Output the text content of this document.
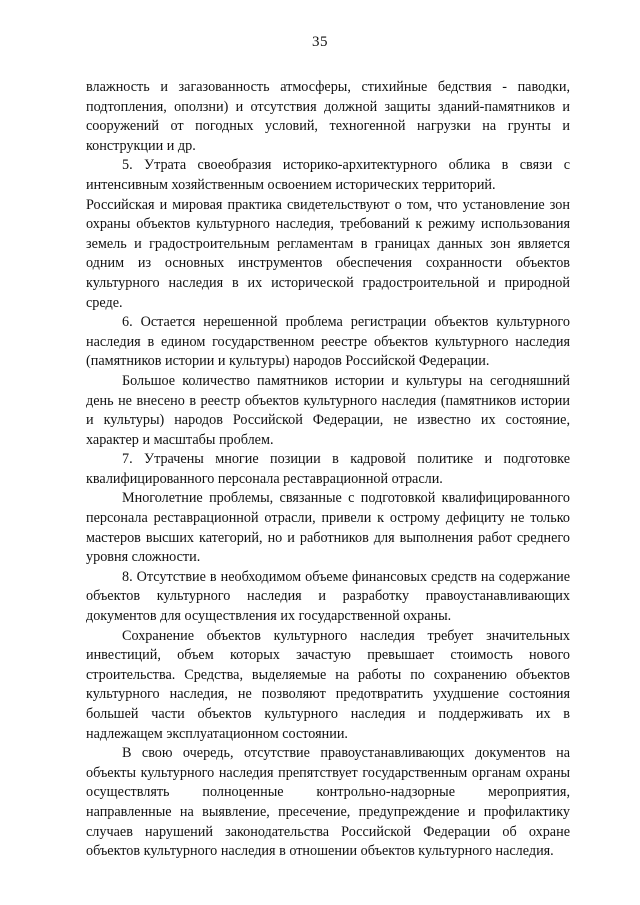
35

влажность и загазованность атмосферы, стихийные бедствия - паводки, подтопления, оползни) и отсутствия должной защиты зданий-памятников и сооружений от погодных условий, техногенной нагрузки на грунты и конструкции и др.

5. Утрата своеобразия историко-архитектурного облика в связи с интенсивным хозяйственным освоением исторических территорий.

Российская и мировая практика свидетельствуют о том, что установление зон охраны объектов культурного наследия, требований к режиму использования земель и градостроительным регламентам в границах данных зон является одним из основных инструментов обеспечения сохранности объектов культурного наследия в их исторической градостроительной и природной среде.

6. Остается нерешенной проблема регистрации объектов культурного наследия в едином государственном реестре объектов культурного наследия (памятников истории и культуры) народов Российской Федерации.

Большое количество памятников истории и культуры на сегодняшний день не внесено в реестр объектов культурного наследия (памятников истории и культуры) народов Российской Федерации, не известно их состояние, характер и масштабы проблем.

7. Утрачены многие позиции в кадровой политике и подготовке квалифицированного персонала реставрационной отрасли.

Многолетние проблемы, связанные с подготовкой квалифицированного персонала реставрационной отрасли, привели к острому дефициту не только мастеров высших категорий, но и работников для выполнения работ среднего уровня сложности.

8. Отсутствие в необходимом объеме финансовых средств на содержание объектов культурного наследия и разработку правоустанавливающих документов для осуществления их государственной охраны.

Сохранение объектов культурного наследия требует значительных инвестиций, объем которых зачастую превышает стоимость нового строительства. Средства, выделяемые на работы по сохранению объектов культурного наследия, не позволяют предотвратить ухудшение состояния большей части объектов культурного наследия и поддерживать их в надлежащем эксплуатационном состоянии.

В свою очередь, отсутствие правоустанавливающих документов на объекты культурного наследия препятствует государственным органам охраны осуществлять полноценные контрольно-надзорные мероприятия, направленные на выявление, пресечение, предупреждение и профилактику случаев нарушений законодательства Российской Федерации об охране объектов культурного наследия в отношении объектов культурного наследия.
